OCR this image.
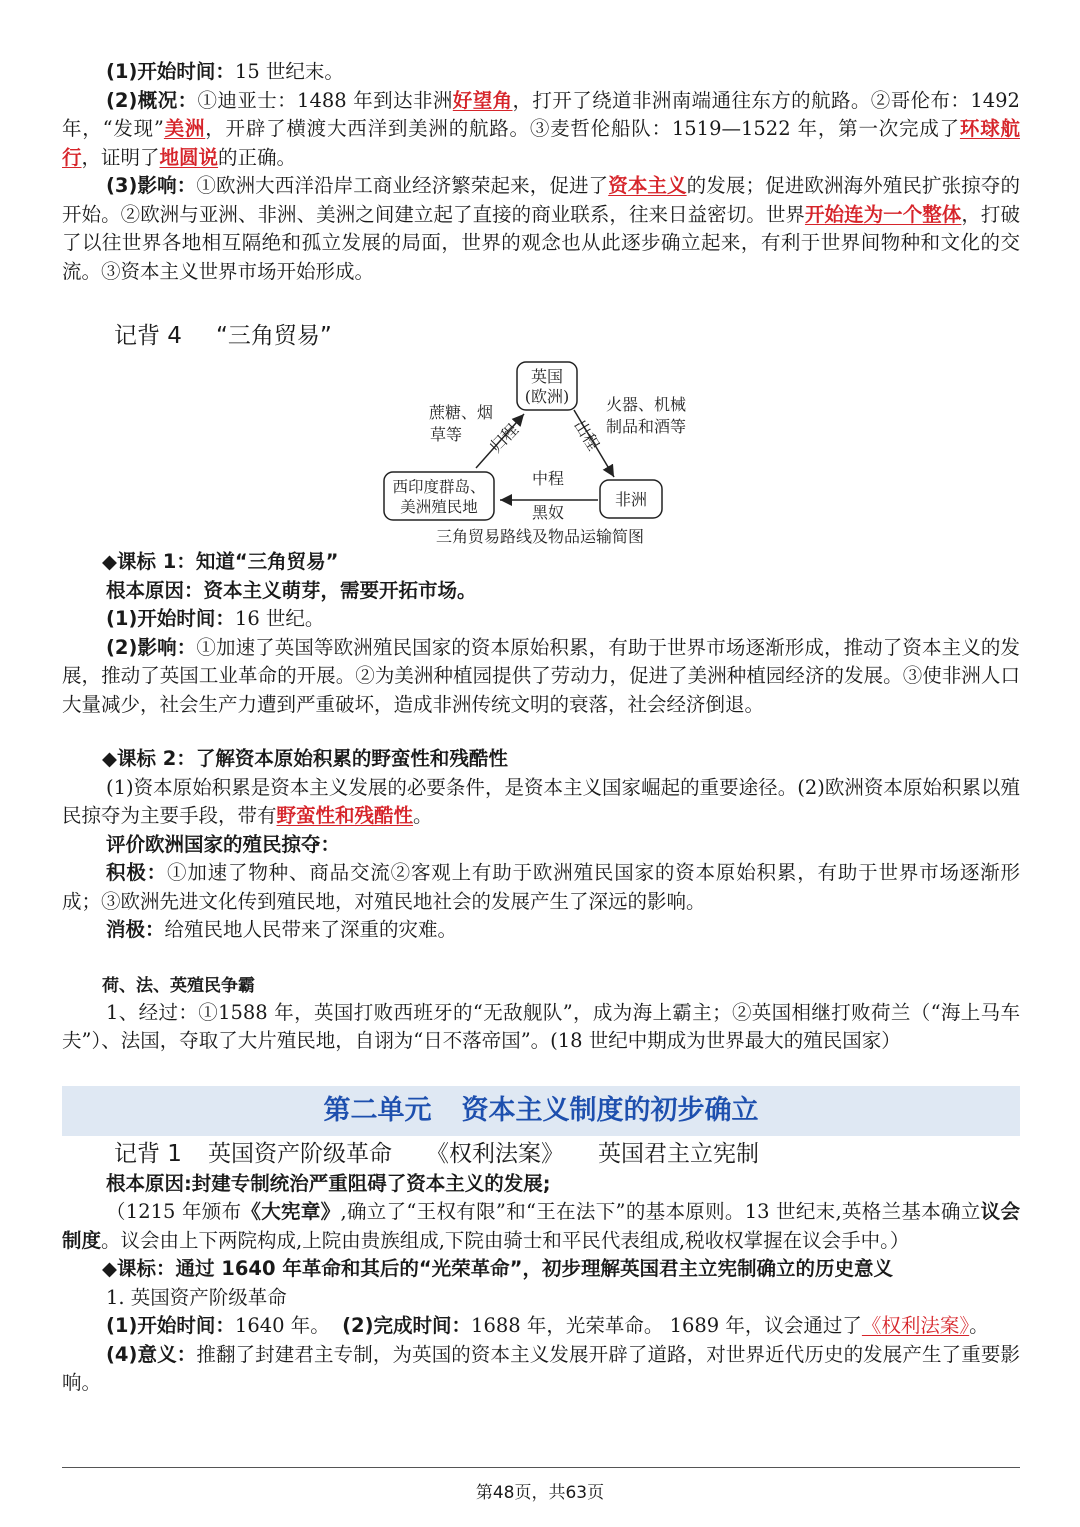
(1)开始时间：15 世纪末。

(2)概况：①迪亚士：1488 年到达非洲好望角，打开了绕道非洲南端通往东方的航路。②哥伦布：1492 年，“发现”美洲，开辟了横渡大西洋到美洲的航路。③麦哲伦船队：1519—1522 年，第一次完成了环球航行，证明了地圆说的正确。

(3)影响：①欧洲大西洋沿岸工商业经济繁荣起来，促进了资本主义的发展；促进欧洲海外殖民扩张掠夺的开始。②欧洲与亚洲、非洲、美洲之间建立起了直接的商业联系，往来日益密切。世界开始连为一个整体，打破了以往世界各地相互隔绝和孤立发展的局面，世界的观念也从此逐步确立起来，有利于世界间物种和文化的交流。③资本主义世界市场开始形成。

记背 4 “三角贸易”
英国
(欧洲)
非洲
西印度群岛、
美洲殖民地
蔗糖、烟
草等
火器、机械
制品和酒等
归程	出程
中程
黑奴
三角贸易路线及物品运输简图

◆课标 1：知道“三角贸易”

根本原因：资本主义萌芽，需要开拓市场。

(1)开始时间：16 世纪。

(2)影响：①加速了英国等欧洲殖民国家的资本原始积累，有助于世界市场逐渐形成，推动了资本主义的发展，推动了英国工业革命的开展。②为美洲种植园提供了劳动力，促进了美洲种植园经济的发展。③使非洲人口大量减少，社会生产力遭到严重破坏，造成非洲传统文明的衰落，社会经济倒退。

◆课标 2：了解资本原始积累的野蛮性和残酷性

(1)资本原始积累是资本主义发展的必要条件，是资本主义国家崛起的重要途径。(2)欧洲资本原始积累以殖民掠夺为主要手段，带有野蛮性和残酷性。

评价欧洲国家的殖民掠夺：

积极：①加速了物种、商品交流②客观上有助于欧洲殖民国家的资本原始积累，有助于世界市场逐渐形成；③欧洲先进文化传到殖民地，对殖民地社会的发展产生了深远的影响。

消极：给殖民地人民带来了深重的灾难。

荷、法、英殖民争霸

1、经过：①1588 年，英国打败西班牙的“无敌舰队”，成为海上霸主；②英国相继打败荷兰（“海上马车夫”）、法国，夺取了大片殖民地，自诩为“日不落帝国”。(18 世纪中期成为世界最大的殖民国家）

第二单元 资本主义制度的初步确立
记背 1 英国资产阶级革命 《权利法案》 英国君主立宪制

根本原因:封建专制统治严重阻碍了资本主义的发展;

（1215 年颁布《大宪章》,确立了“王权有限”和“王在法下”的基本原则。13 世纪末,英格兰基本确立议会制度。议会由上下两院构成,上院由贵族组成,下院由骑士和平民代表组成,税收权掌握在议会手中。）

◆课标：通过 1640 年革命和其后的“光荣革命”，初步理解英国君主立宪制确立的历史意义

1. 英国资产阶级革命

(1)开始时间：1640 年。 (2)完成时间：1688 年，光荣革命。 1689 年，议会通过了《权利法案》。

(4)意义：推翻了封建君主专制，为英国的资本主义发展开辟了道路，对世界近代历史的发展产生了重要影响。

第48页，共63页
